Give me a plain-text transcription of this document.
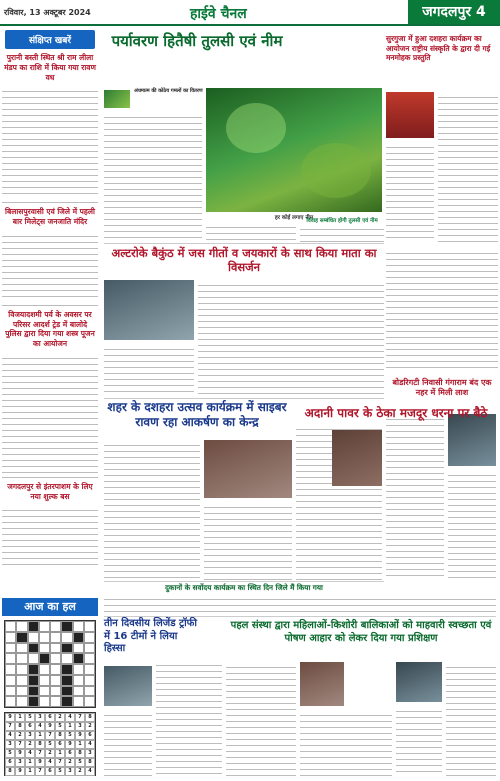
रविवार, 13 अक्टूबर 2024	हाईवे चैनल	जगदलपुर 4
संक्षिप्त खबरें
पुरानी बस्ती स्थित श्री राम लीला मंडप का राशि में किया गया रावण वध
बिलासपुरवासी एवं जिले में पहली बार मिलेट्स जनजाति मंदिर
विजयादशमी पर्व के अवसर पर परिसर आदर्श ट्रेड में बालोदे पुलिस द्वारा दिया गया शस्त्र पूजन का आयोजन
जगदलपुर से इंतरपाशम के लिए नया शुल्क बस
पर्यावरण हितैषी तुलसी एवं नीम
अंधमात्म की कोठेय गमलों का वितरण
हर कोई लगाए नीम
विवाह सम्बंधित होगी तुलसी एवं नीम
सुरगुजा में हुआ दशहरा कार्यक्रम का आयोजन राष्ट्रीय संस्कृति के द्वारा दी गई मनमोहक प्रस्तुति
अल्टरोके बैकुंठ में जस गीतों व जयकारों के साथ किया माता का विसर्जन
बोडरिगटी निवासी गंगाराम बंद एक नहर में मिली लाश
शहर के दशहरा उत्सव कार्यक्रम में साइबर रावण रहा आकर्षण का केन्द्र
अदानी पावर के ठेका मजदूर धरना पर बैठे
दुकानों के सर्वोदय कार्यक्रम का स्थित दिन जिले मैं किया गया
तीन दिवसीय लिजेंड ट्रॉफी में 16 टीमों ने लिया हिस्सा
पहल संस्था द्वारा महिलाओं-किशोरी बालिकाओं को माहवारी स्वच्छता एवं पोषण आहार को लेकर दिया गया प्रशिक्षण
आज का हल
9	1	5	3	6	2	4	7	8
7	8	6	4	9	5	1	3	2
4	2	3	1	7	8	5	9	6
3	7	2	8	5	6	9	1	4
5	9	4	7	2	1	6	8	3
6	3	1	9	4	7	2	5	8
8	9	1	7	6	5	3	2	4
